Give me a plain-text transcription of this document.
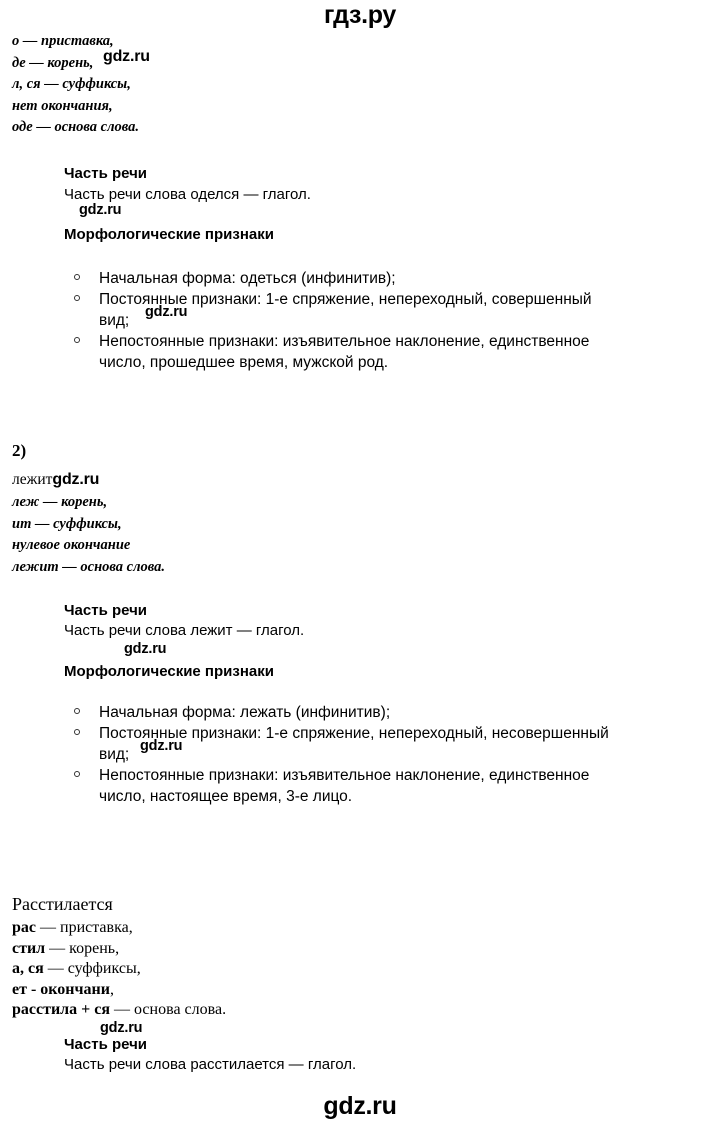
гдз.ру
о — приставка,
де — корень,
л, ся — суффиксы,
нет окончания,
оде — основа слова.
gdz.ru
Часть речи
Часть речи слова оделся — глагол.
gdz.ru
Морфологические признаки
Начальная форма: одеться (инфинитив);
Постоянные признаки: 1-е спряжение, непереходный, совершенный
вид;
Непостоянные признаки: изъявительное наклонение, единственное
число, прошедшее время, мужской род.
gdz.ru
2)
лежитgdz.ru
леж — корень,
ит — суффиксы,
нулевое окончание
лежит — основа слова.
Часть речи
Часть речи слова лежит — глагол.
gdz.ru
Морфологические признаки
Начальная форма: лежать (инфинитив);
Постоянные признаки: 1-е спряжение, непереходный, несовершенный
вид;
Непостоянные признаки: изъявительное наклонение, единственное
число, настоящее время, 3-е лицо.
gdz.ru
Расстилается
рас — приставка,
стил — корень,
а, ся — суффиксы,
ет - окончани,
расстила + ся — основа слова.
gdz.ru
Часть речи
Часть речи слова расстилается — глагол.
gdz.ru
